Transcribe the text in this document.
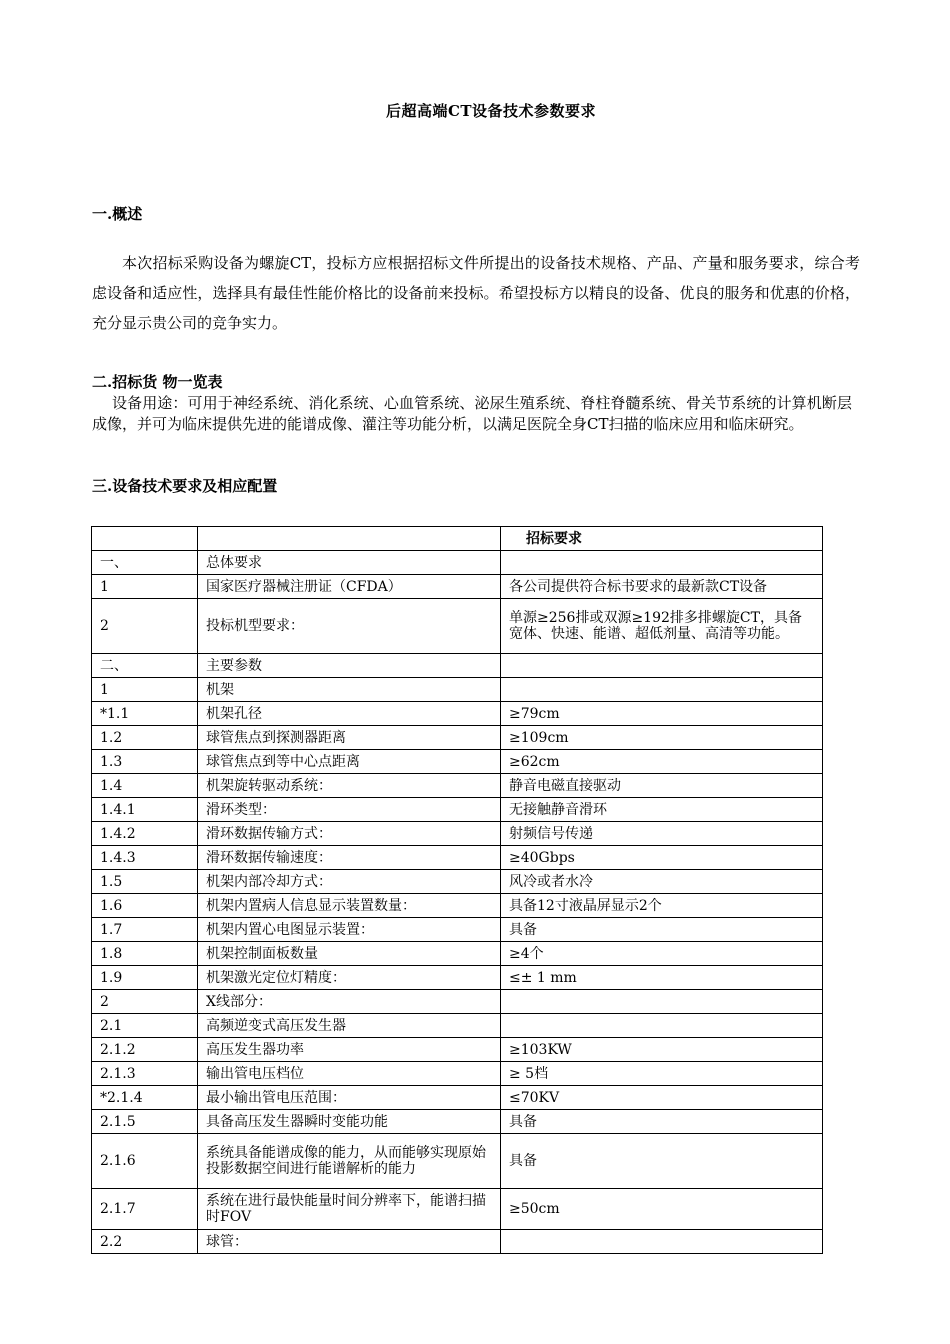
后超高端CT设备技术参数要求
一.概述
本次招标采购设备为螺旋CT，投标方应根据招标文件所提出的设备技术规格、产品、产量和服务要求，综合考虑设备和适应性，选择具有最佳性能价格比的设备前来投标。希望投标方以精良的设备、优良的服务和优惠的价格，充分显示贵公司的竞争实力。
二.招标货 物一览表
设备用途：可用于神经系统、消化系统、心血管系统、泌尿生殖系统、脊柱脊髓系统、骨关节系统的计算机断层成像，并可为临床提供先进的能谱成像、灌注等功能分析，以满足医院全身CT扫描的临床应用和临床研究。
三.设备技术要求及相应配置
		招标要求
一、	总体要求	
1	国家医疗器械注册证（CFDA）	各公司提供符合标书要求的最新款CT设备
2	投标机型要求：	单源≥256排或双源≥192排多排螺旋CT，具备宽体、快速、能谱、超低剂量、高清等功能。
二、	主要参数	
1	机架	
*1.1	机架孔径	≥79cm
1.2	球管焦点到探测器距离	≥109cm
1.3	球管焦点到等中心点距离	≥62cm
1.4	机架旋转驱动系统：	静音电磁直接驱动
1.4.1	滑环类型：	无接触静音滑环
1.4.2	滑环数据传输方式：	射频信号传递
1.4.3	滑环数据传输速度：	≥40Gbps
1.5	机架内部冷却方式：	风冷或者水冷
1.6	机架内置病人信息显示装置数量：	具备12寸液晶屏显示2个
1.7	机架内置心电图显示装置：	具备
1.8	机架控制面板数量	≥4个
1.9	机架激光定位灯精度：	≤± 1 mm
2	X线部分：	
2.1	高频逆变式高压发生器	
2.1.2	高压发生器功率	≥103KW
2.1.3	输出管电压档位	≥ 5档
*2.1.4	最小输出管电压范围：	≤70KV
2.1.5	具备高压发生器瞬时变能功能	具备
2.1.6	系统具备能谱成像的能力，从而能够实现原始投影数据空间进行能谱解析的能力	具备
2.1.7	系统在进行最快能量时间分辨率下，能谱扫描时FOV	≥50cm
2.2	球管：	
